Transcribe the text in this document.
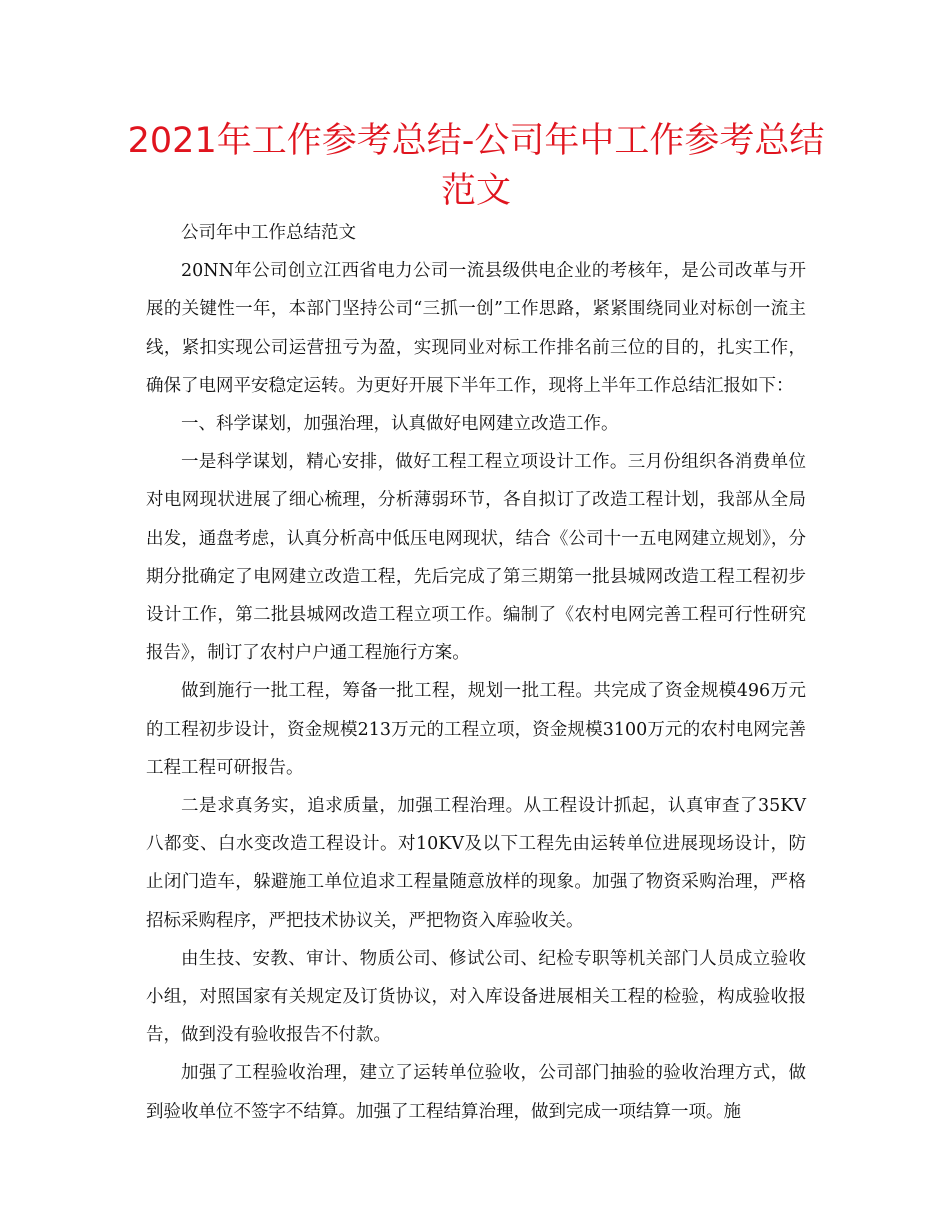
2021年工作参考总结-公司年中工作参考总结范文

公司年中工作总结范文

20NN年公司创立江西省电力公司一流县级供电企业的考核年，是公司改革与开展的关键性一年，本部门坚持公司“三抓一创”工作思路，紧紧围绕同业对标创一流主线，紧扣实现公司运营扭亏为盈，实现同业对标工作排名前三位的目的，扎实工作，确保了电网平安稳定运转。为更好开展下半年工作，现将上半年工作总结汇报如下：

一、科学谋划，加强治理，认真做好电网建立改造工作。

一是科学谋划，精心安排，做好工程工程立项设计工作。三月份组织各消费单位对电网现状进展了细心梳理，分析薄弱环节，各自拟订了改造工程计划，我部从全局出发，通盘考虑，认真分析高中低压电网现状，结合《公司十一五电网建立规划》，分期分批确定了电网建立改造工程，先后完成了第三期第一批县城网改造工程工程初步设计工作，第二批县城网改造工程立项工作。编制了《农村电网完善工程可行性研究报告》，制订了农村户户通工程施行方案。

做到施行一批工程，筹备一批工程，规划一批工程。共完成了资金规模496万元的工程初步设计，资金规模213万元的工程立项，资金规模3100万元的农村电网完善工程工程可研报告。

二是求真务实，追求质量，加强工程治理。从工程设计抓起，认真审查了35KV八都变、白水变改造工程设计。对10KV及以下工程先由运转单位进展现场设计，防止闭门造车，躲避施工单位追求工程量随意放样的现象。加强了物资采购治理，严格招标采购程序，严把技术协议关，严把物资入库验收关。

由生技、安教、审计、物质公司、修试公司、纪检专职等机关部门人员成立验收小组，对照国家有关规定及订货协议，对入库设备进展相关工程的检验，构成验收报告，做到没有验收报告不付款。

加强了工程验收治理，建立了运转单位验收，公司部门抽验的验收治理方式，做到验收单位不签字不结算。加强了工程结算治理，做到完成一项结算一项。施
